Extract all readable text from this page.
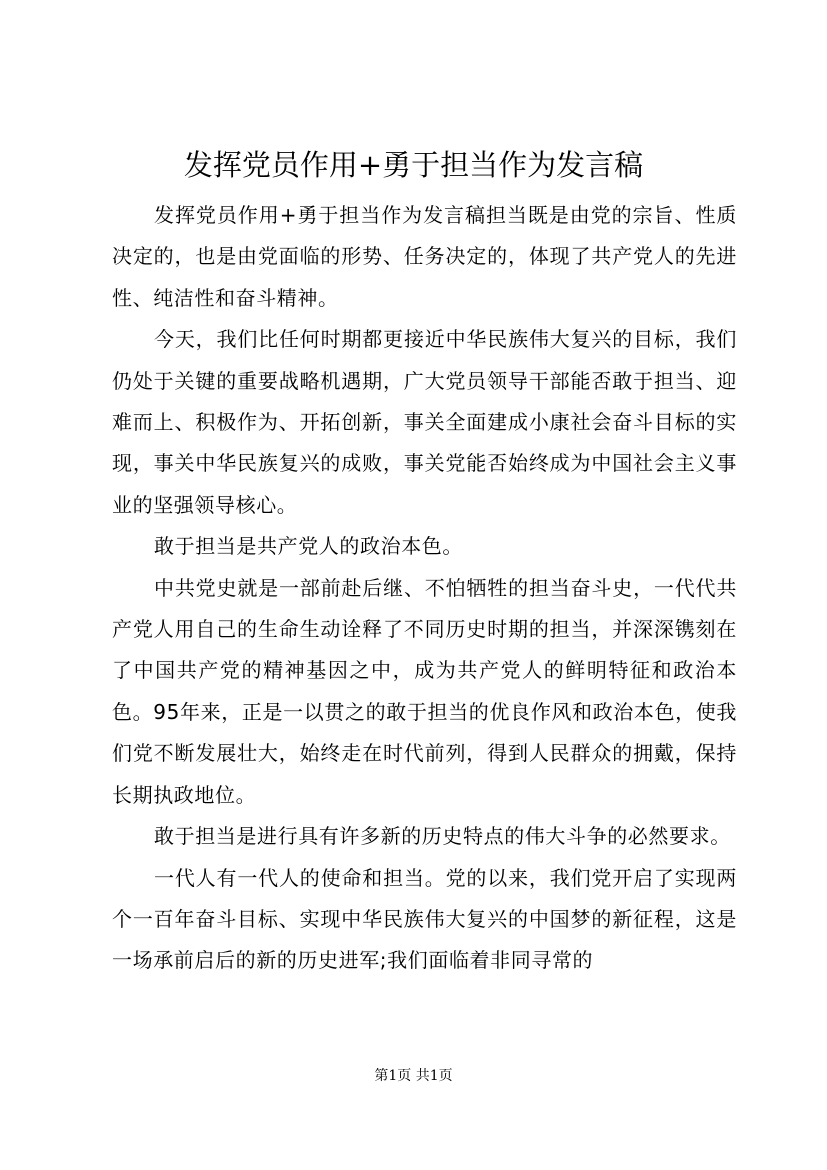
发挥党员作用+勇于担当作为发言稿

发挥党员作用+勇于担当作为发言稿担当既是由党的宗旨、性质决定的，也是由党面临的形势、任务决定的，体现了共产党人的先进性、纯洁性和奋斗精神。

今天，我们比任何时期都更接近中华民族伟大复兴的目标，我们仍处于关键的重要战略机遇期，广大党员领导干部能否敢于担当、迎难而上、积极作为、开拓创新，事关全面建成小康社会奋斗目标的实现，事关中华民族复兴的成败，事关党能否始终成为中国社会主义事业的坚强领导核心。

敢于担当是共产党人的政治本色。

中共党史就是一部前赴后继、不怕牺牲的担当奋斗史，一代代共产党人用自己的生命生动诠释了不同历史时期的担当，并深深镌刻在了中国共产党的精神基因之中，成为共产党人的鲜明特征和政治本色。95年来，正是一以贯之的敢于担当的优良作风和政治本色，使我们党不断发展壮大，始终走在时代前列，得到人民群众的拥戴，保持长期执政地位。

敢于担当是进行具有许多新的历史特点的伟大斗争的必然要求。

一代人有一代人的使命和担当。党的以来，我们党开启了实现两个一百年奋斗目标、实现中华民族伟大复兴的中国梦的新征程，这是一场承前启后的新的历史进军;我们面临着非同寻常的

第1页 共1页
